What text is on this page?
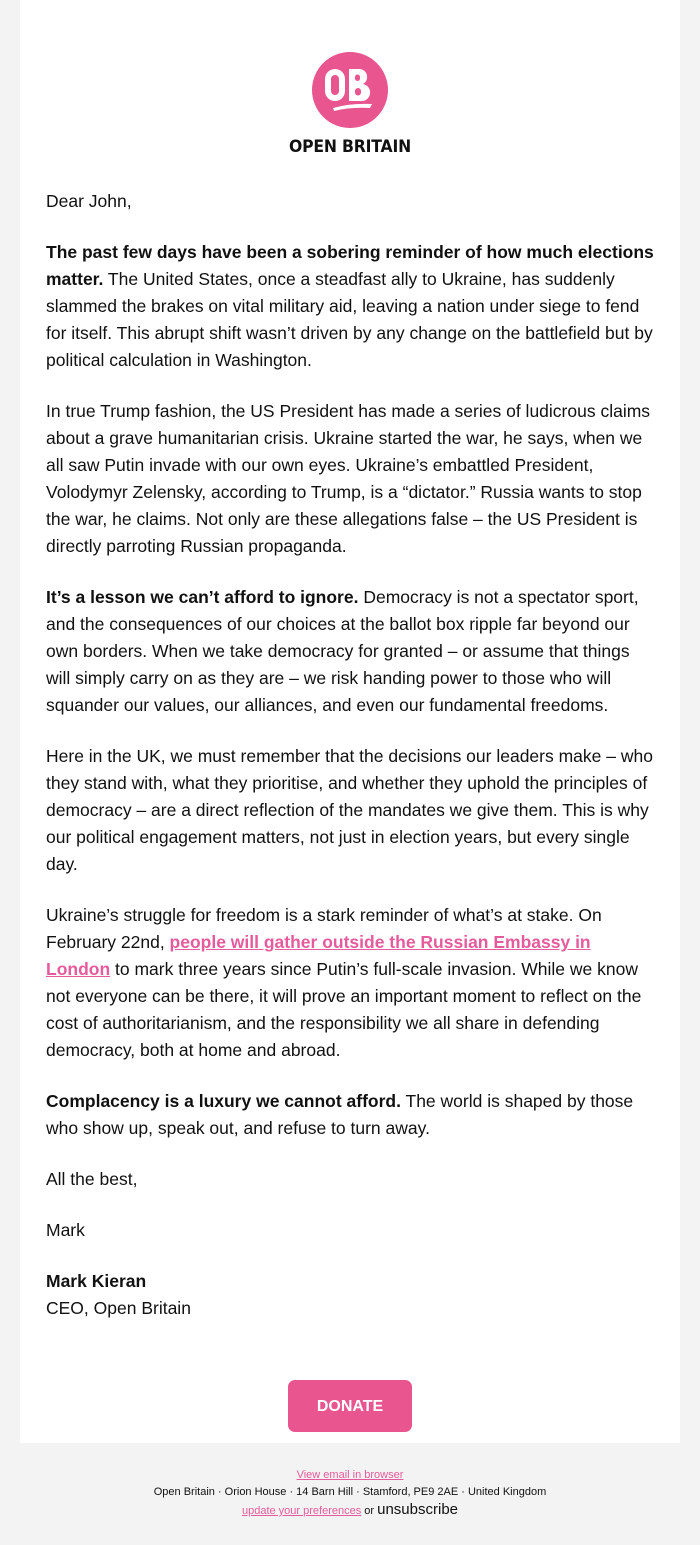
OPEN BRITAIN

Dear John,

The past few days have been a sobering reminder of how much elections matter. The United States, once a steadfast ally to Ukraine, has suddenly slammed the brakes on vital military aid, leaving a nation under siege to fend for itself. This abrupt shift wasn’t driven by any change on the battlefield but by political calculation in Washington.

In true Trump fashion, the US President has made a series of ludicrous claims about a grave humanitarian crisis. Ukraine started the war, he says, when we all saw Putin invade with our own eyes. Ukraine’s embattled President, Volodymyr Zelensky, according to Trump, is a “dictator.” Russia wants to stop the war, he claims. Not only are these allegations false – the US President is directly parroting Russian propaganda.

It’s a lesson we can’t afford to ignore. Democracy is not a spectator sport, and the consequences of our choices at the ballot box ripple far beyond our own borders. When we take democracy for granted – or assume that things will simply carry on as they are – we risk handing power to those who will squander our values, our alliances, and even our fundamental freedoms.

Here in the UK, we must remember that the decisions our leaders make – who they stand with, what they prioritise, and whether they uphold the principles of democracy – are a direct reflection of the mandates we give them. This is why our political engagement matters, not just in election years, but every single day.

Ukraine’s struggle for freedom is a stark reminder of what’s at stake. On February 22nd, people will gather outside the Russian Embassy in London to mark three years since Putin’s full-scale invasion. While we know not everyone can be there, it will prove an important moment to reflect on the cost of authoritarianism, and the responsibility we all share in defending democracy, both at home and abroad.

Complacency is a luxury we cannot afford. The world is shaped by those who show up, speak out, and refuse to turn away.

All the best,

Mark

Mark Kieran
CEO, Open Britain
DONATE
View email in browser
Open Britain · Orion House · 14 Barn Hill · Stamford, PE9 2AE · United Kingdom
update your preferences or unsubscribe
